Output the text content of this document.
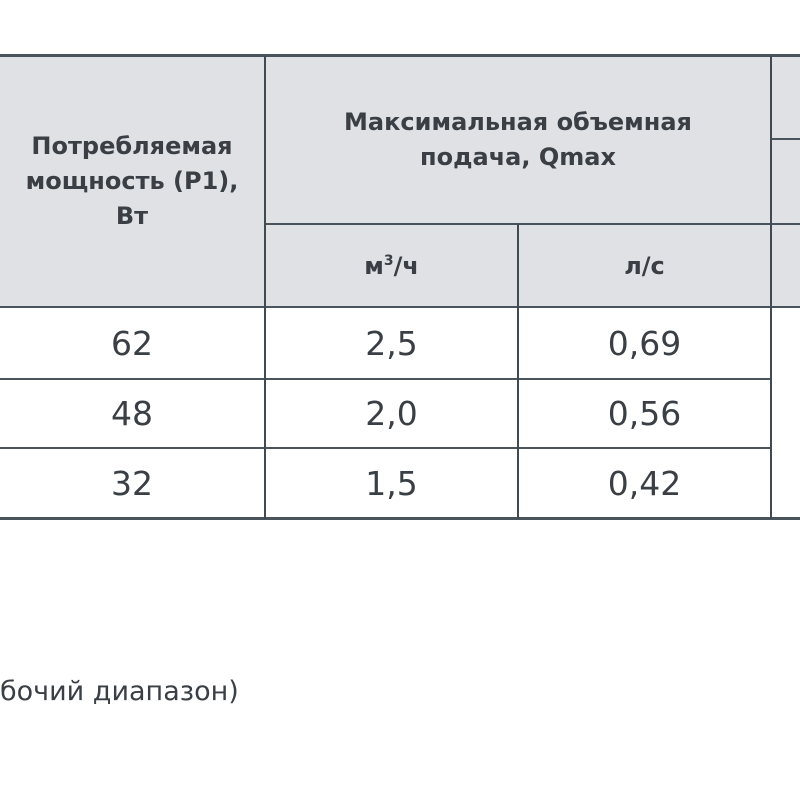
Потребляемая
мощность (P1),
Вт
Максимальная объемная
подача, Qmax
$м^3/ч$	л/с
62	2,5	0,69
48	2,0	0,56
32	1,5	0,42
бочий диапазон)
